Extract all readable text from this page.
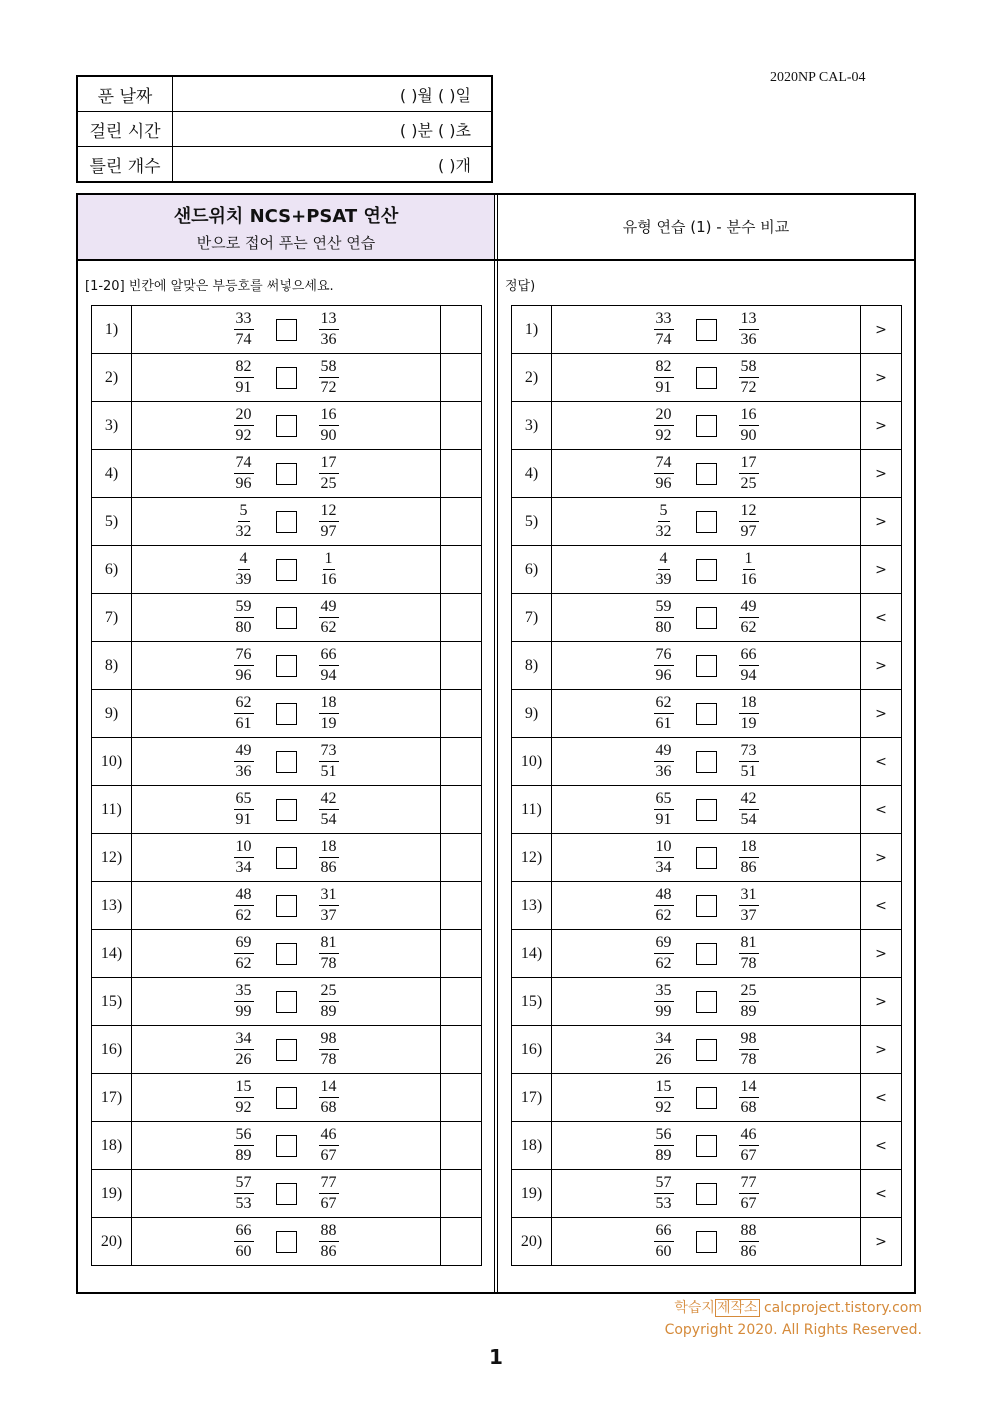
2020NP CAL-04
푼 날짜	( )월 ( )일
걸린 시간	( )분 ( )초
틀린 개수	( )개
샌드위치 NCS+PSAT 연산
반으로 접어 푸는 연산 연습
유형 연습 (1) - 분수 비교
[1-20] 빈칸에 알맞은 부등호를 써넣으세요.	정답)
1)	$\frac{33}{74} \frac{13}{36}$

2)	$\frac{82}{91} \frac{58}{72}$

3)	$\frac{20}{92} \frac{16}{90}$

4)	$\frac{74}{96} \frac{17}{25}$

5)	$\frac{5}{32} \frac{12}{97}$

6)	$\frac{4}{39} \frac{1}{16}$

7)	$\frac{59}{80} \frac{49}{62}$

8)	$\frac{76}{96} \frac{66}{94}$

9)	$\frac{62}{61} \frac{18}{19}$

10)	$\frac{49}{36} \frac{73}{51}$

11)	$\frac{65}{91} \frac{42}{54}$

12)	$\frac{10}{34} \frac{18}{86}$

13)	$\frac{48}{62} \frac{31}{37}$

14)	$\frac{69}{62} \frac{81}{78}$

15)	$\frac{35}{99} \frac{25}{89}$

16)	$\frac{34}{26} \frac{98}{78}$

17)	$\frac{15}{92} \frac{14}{68}$

18)	$\frac{56}{89} \frac{46}{67}$

19)	$\frac{57}{53} \frac{77}{67}$

20)	$\frac{66}{60} \frac{88}{86}$

1)	$\frac{33}{74} \frac{13}{36}$	>
2)	$\frac{82}{91} \frac{58}{72}$	>
3)	$\frac{20}{92} \frac{16}{90}$	>
4)	$\frac{74}{96} \frac{17}{25}$	>
5)	$\frac{5}{32} \frac{12}{97}$	>
6)	$\frac{4}{39} \frac{1}{16}$	>
7)	$\frac{59}{80} \frac{49}{62}$	<
8)	$\frac{76}{96} \frac{66}{94}$	>
9)	$\frac{62}{61} \frac{18}{19}$	>
10)	$\frac{49}{36} \frac{73}{51}$	<
11)	$\frac{65}{91} \frac{42}{54}$	<
12)	$\frac{10}{34} \frac{18}{86}$	>
13)	$\frac{48}{62} \frac{31}{37}$	<
14)	$\frac{69}{62} \frac{81}{78}$	>
15)	$\frac{35}{99} \frac{25}{89}$	>
16)	$\frac{34}{26} \frac{98}{78}$	>
17)	$\frac{15}{92} \frac{14}{68}$	<
18)	$\frac{56}{89} \frac{46}{67}$	<
19)	$\frac{57}{53} \frac{77}{67}$	<
20)	$\frac{66}{60} \frac{88}{86}$	>
학습지 제작소 calcproject.tistory.com
Copyright 2020. All Rights Reserved.
1
